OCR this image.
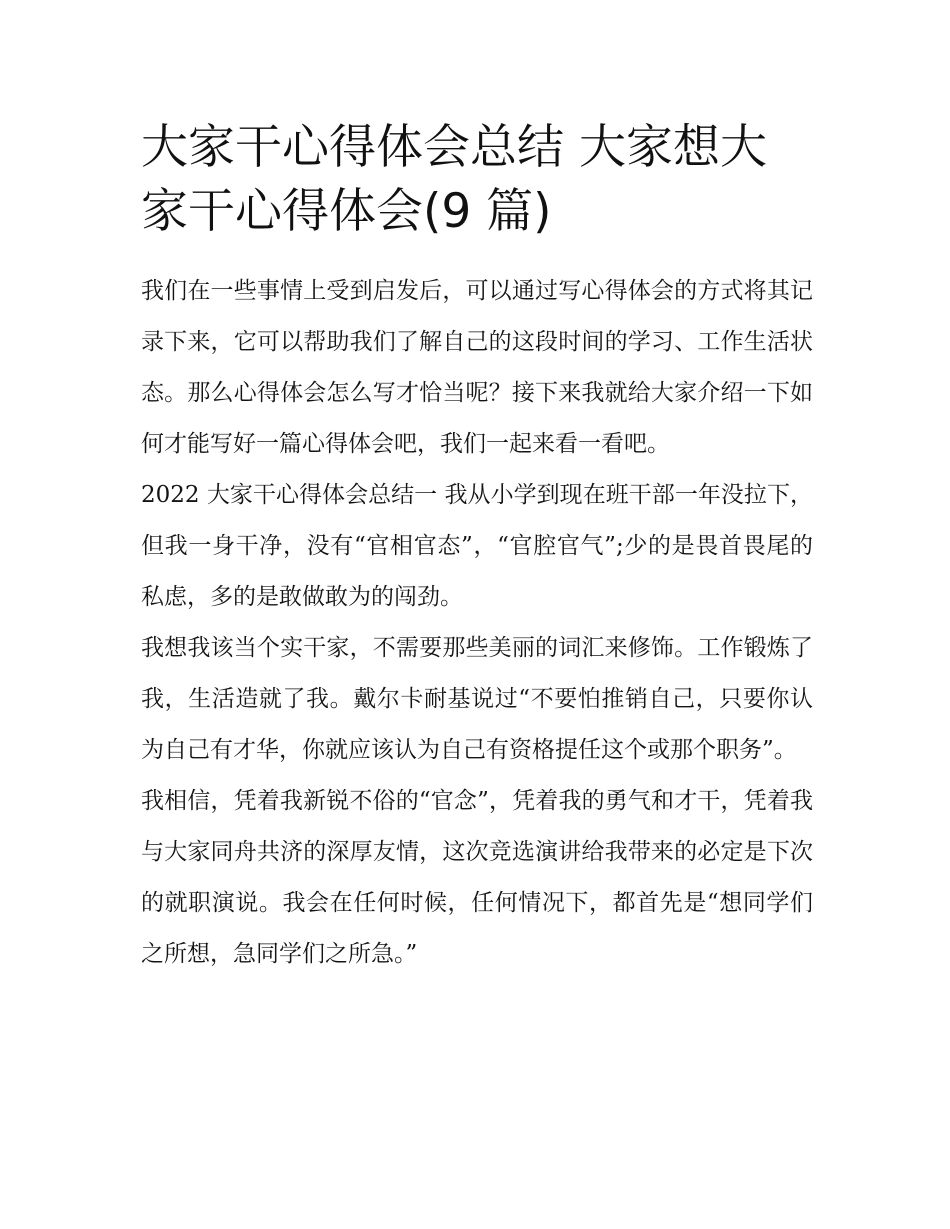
大家干心得体会总结 大家想大家干心得体会(9 篇)

我们在一些事情上受到启发后，可以通过写心得体会的方式将其记录下来，它可以帮助我们了解自己的这段时间的学习、工作生活状态。那么心得体会怎么写才恰当呢？接下来我就给大家介绍一下如何才能写好一篇心得体会吧，我们一起来看一看吧。

2022 大家干心得体会总结一 我从小学到现在班干部一年没拉下，但我一身干净，没有“官相官态”，“官腔官气”;少的是畏首畏尾的私虑，多的是敢做敢为的闯劲。

我想我该当个实干家，不需要那些美丽的词汇来修饰。工作锻炼了我，生活造就了我。戴尔卡耐基说过“不要怕推销自己，只要你认为自己有才华，你就应该认为自己有资格提任这个或那个职务”。

我相信，凭着我新锐不俗的“官念”，凭着我的勇气和才干，凭着我与大家同舟共济的深厚友情，这次竞选演讲给我带来的必定是下次的就职演说。我会在任何时候，任何情况下，都首先是“想同学们之所想，急同学们之所急。”
